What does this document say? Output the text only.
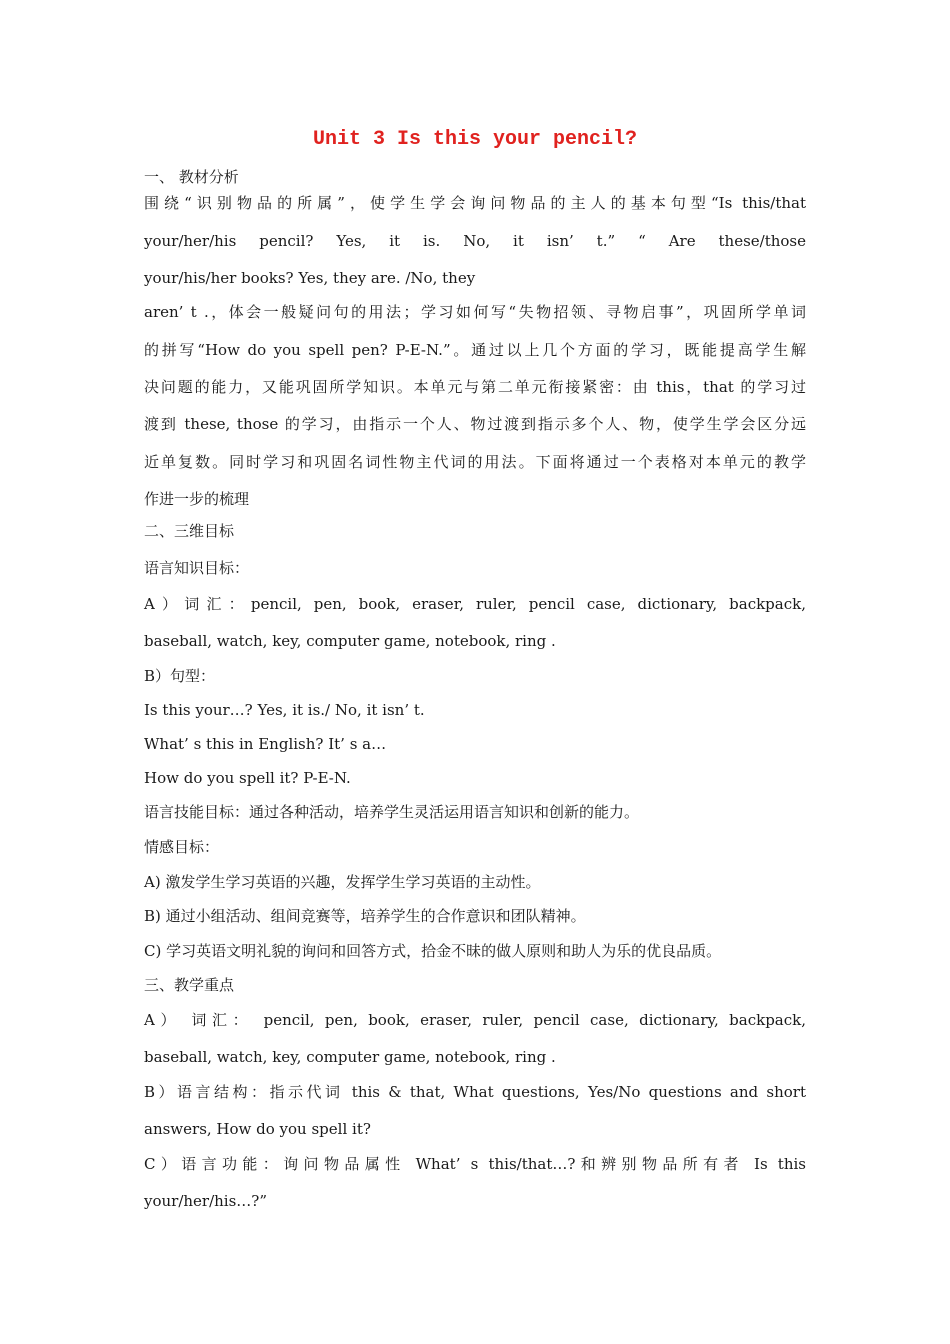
Unit 3 Is this your pencil?
一、 教材分析
围绕“识别物品的所属”，使学生学会询问物品的主人的基本句型“Is this/that
your/her/his pencil? Yes, it is. No, it isn’ t.” “ Are these/those
your/his/her books? Yes, they are. /No, they
aren’ t .，体会一般疑问句的用法；学习如何写“失物招领、寻物启事”，巩固所学单词
的拼写“How do you spell pen? P-E-N.”。通过以上几个方面的学习，既能提高学生解
决问题的能力，又能巩固所学知识。本单元与第二单元衔接紧密：由 this，that 的学习过
渡到 these, those 的学习，由指示一个人、物过渡到指示多个人、物，使学生学会区分远
近单复数。同时学习和巩固名词性物主代词的用法。下面将通过一个表格对本单元的教学
作进一步的梳理
二、三维目标
语言知识目标：
A）词汇：pencil, pen, book, eraser, ruler, pencil case, dictionary, backpack,
baseball, watch, key, computer game, notebook, ring .
B）句型：
Is this your…? Yes, it is./ No, it isn’ t.
What’ s this in English? It’ s a…
How do you spell it? P-E-N.
语言技能目标：通过各种活动，培养学生灵活运用语言知识和创新的能力。
情感目标：
A) 激发学生学习英语的兴趣，发挥学生学习英语的主动性。
B) 通过小组活动、组间竞赛等，培养学生的合作意识和团队精神。
C) 学习英语文明礼貌的询问和回答方式，拾金不昧的做人原则和助人为乐的优良品质。
三、教学重点
A） 词汇： pencil, pen, book, eraser, ruler, pencil case, dictionary, backpack,
baseball, watch, key, computer game, notebook, ring .
B）语言结构：指示代词 this & that, What questions, Yes/No questions and short
answers, How do you spell it?
C）语言功能：询问物品属性 What’ s this/that…?和辨别物品所有者 Is this
your/her/his…?”
